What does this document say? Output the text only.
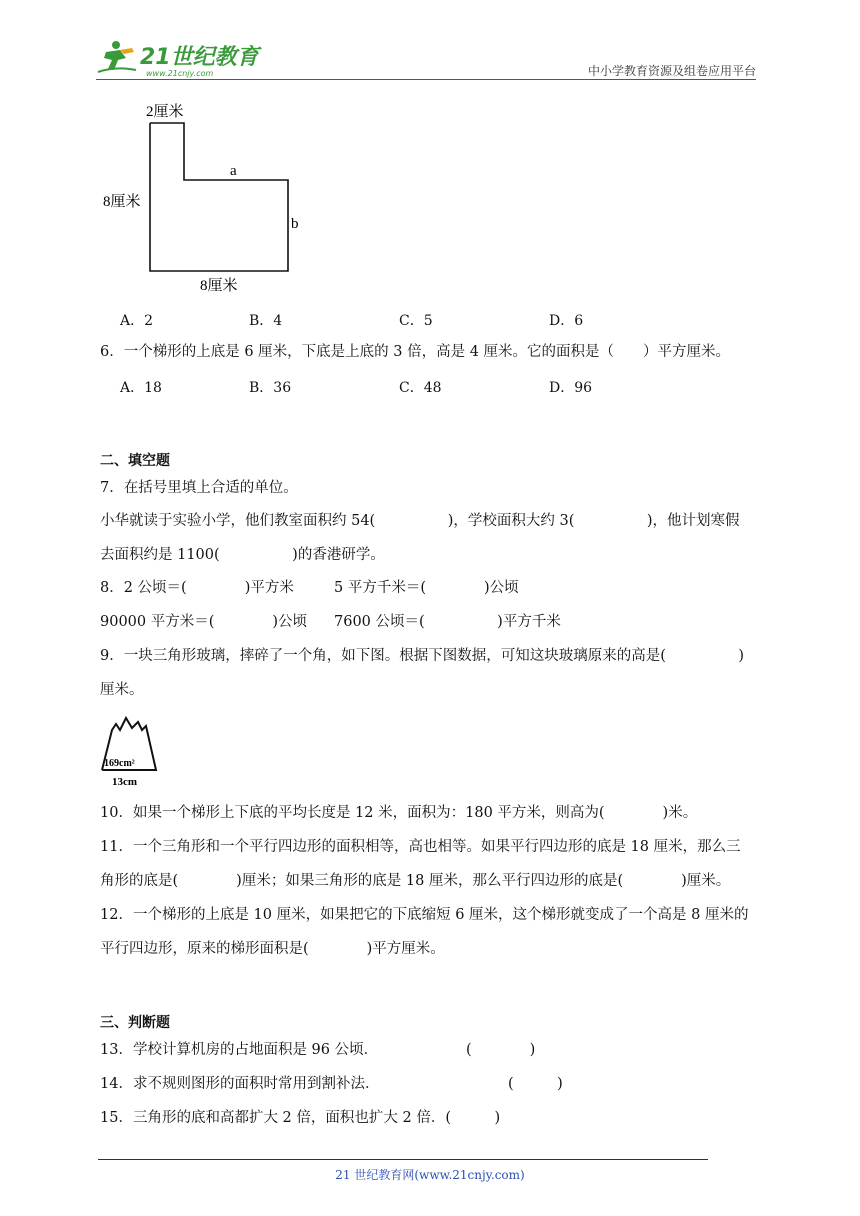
21世纪教育
www.21cnjy.com	中小学教育资源及组卷应用平台
2厘米
8厘米
8厘米
a
b
A．2	B．4	C．5	D．6
6．一个梯形的上底是 6 厘米，下底是上底的 3 倍，高是 4 厘米。它的面积是（　　）平方厘米。
A．18	B．36	C．48	D．96
二、填空题
7．在括号里填上合适的单位。
小华就读于实验小学，他们教室面积约 54(　　　　　)，学校面积大约 3(　　　　　)，他计划寒假
去面积约是 1100(　　　　　)的香港研学。
8．2 公顷＝(　　　　)平方米	5 平方千米＝(　　　　)公顷
90000 平方米＝(　　　　)公顷 7600 公顷＝(　　　　　)平方千米
9．一块三角形玻璃，摔碎了一个角，如下图。根据下图数据，可知这块玻璃原来的高是(　　　　　)
厘米。
169cm²
13cm
10．如果一个梯形上下底的平均长度是 12 米，面积为：180 平方米，则高为(　　　　)米。
11．一个三角形和一个平行四边形的面积相等，高也相等。如果平行四边形的底是 18 厘米，那么三
角形的底是(　　　　)厘米；如果三角形的底是 18 厘米，那么平行四边形的底是(　　　　)厘米。
12．一个梯形的上底是 10 厘米，如果把它的下底缩短 6 厘米，这个梯形就变成了一个高是 8 厘米的
平行四边形，原来的梯形面积是(　　　　)平方厘米。
三、判断题
13．学校计算机房的占地面积是 96 公顷．	(　　　　)
14．求不规则图形的面积时常用到割补法．	(　　　)
15．三角形的底和高都扩大 2 倍，面积也扩大 2 倍．(　　　)
21 世纪教育网(www.21cnjy.com)
